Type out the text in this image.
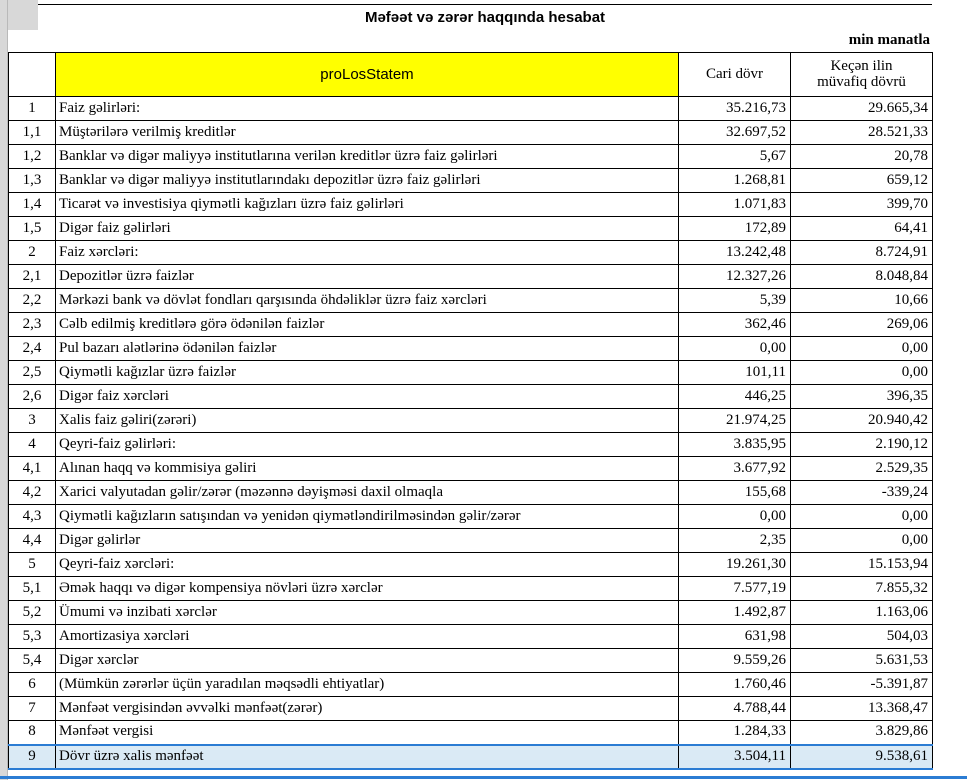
Məfəət və zərər haqqında hesabat
min manatla
	proLosStatem	Cari dövr	Keçən ilin
müvafiq dövrü

1	Faiz gəlirləri:	35.216,73	29.665,34
1,1	Müştərilərə verilmiş kreditlər	32.697,52	28.521,33
1,2	Banklar və digər maliyyə institutlarına verilən kreditlər üzrə faiz gəlirləri	5,67	20,78
1,3	Banklar və digər maliyyə institutlarındakı depozitlər üzrə faiz gəlirləri	1.268,81	659,12
1,4	Ticarət və investisiya qiymətli kağızları üzrə faiz gəlirləri	1.071,83	399,70
1,5	Digər faiz gəlirləri	172,89	64,41
2	Faiz xərcləri:	13.242,48	8.724,91
2,1	Depozitlər üzrə faizlər	12.327,26	8.048,84
2,2	Mərkəzi bank və dövlət fondları qarşısında öhdəliklər üzrə faiz xərcləri	5,39	10,66
2,3	Cəlb edilmiş kreditlərə görə ödənilən faizlər	362,46	269,06
2,4	Pul bazarı alətlərinə ödənilən faizlər	0,00	0,00
2,5	Qiymətli kağızlar üzrə faizlər	101,11	0,00
2,6	Digər faiz xərcləri	446,25	396,35
3	Xalis faiz gəliri(zərəri)	21.974,25	20.940,42
4	Qeyri-faiz gəlirləri:	3.835,95	2.190,12
4,1	Alınan haqq və kommisiya gəliri	3.677,92	2.529,35
4,2	Xarici valyutadan gəlir/zərər (məzənnə dəyişməsi daxil olmaqla	155,68	-339,24
4,3	Qiymətli kağızların satışından və yenidən qiymətləndirilməsindən gəlir/zərər	0,00	0,00
4,4	Digər gəlirlər	2,35	0,00
5	Qeyri-faiz xərcləri:	19.261,30	15.153,94
5,1	Əmək haqqı və digər kompensiya növləri üzrə xərclər	7.577,19	7.855,32
5,2	Ümumi və inzibati xərclər	1.492,87	1.163,06
5,3	Amortizasiya xərcləri	631,98	504,03
5,4	Digər xərclər	9.559,26	5.631,53
6	(Mümkün zərərlər üçün yaradılan məqsədli ehtiyatlar)	1.760,46	-5.391,87
7	Mənfəət vergisindən əvvəlki mənfəət(zərər)	4.788,44	13.368,47
8	Mənfəət vergisi	1.284,33	3.829,86
9	Dövr üzrə xalis mənfəət	3.504,11	9.538,61
